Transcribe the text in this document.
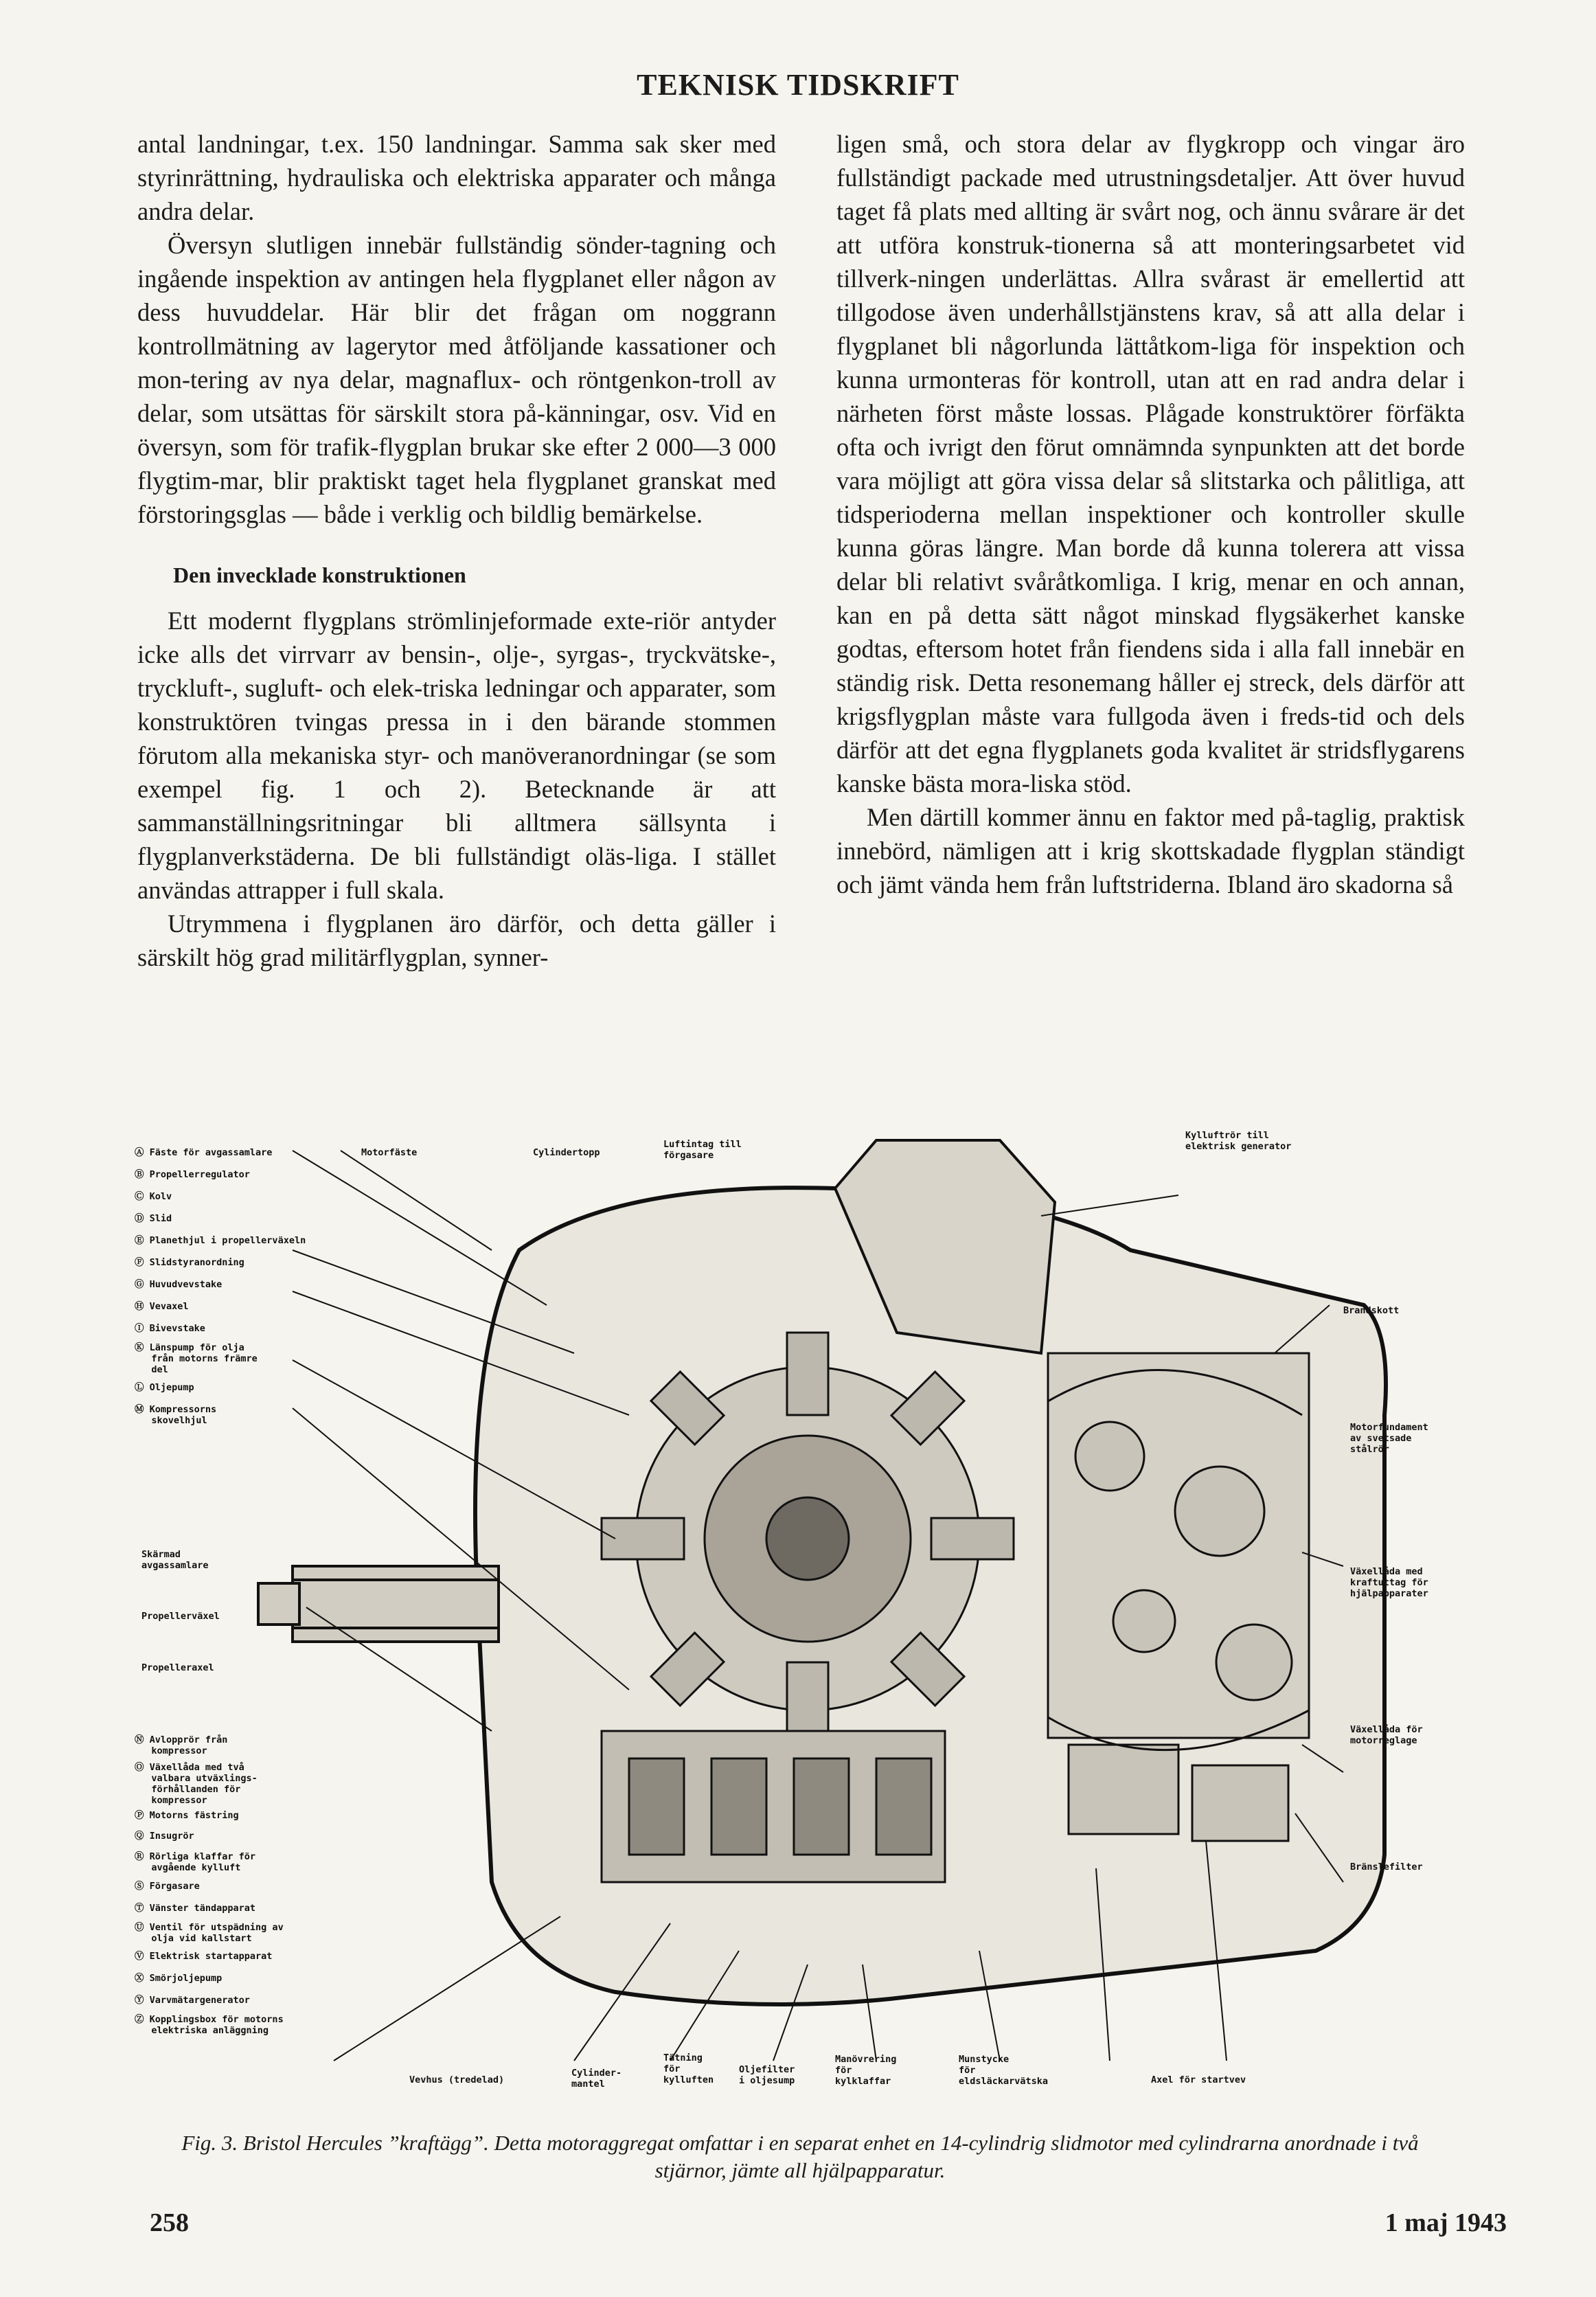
TEKNISK TIDSKRIFT

antal landningar, t.ex. 150 landningar. Samma sak sker med styrinrättning, hydrauliska och elektriska apparater och många andra delar.

Översyn slutligen innebär fullständig sönder-tagning och ingående inspektion av antingen hela flygplanet eller någon av dess huvuddelar. Här blir det frågan om noggrann kontrollmätning av lagerytor med åtföljande kassationer och mon-tering av nya delar, magnaflux- och röntgenkon-troll av delar, som utsättas för särskilt stora på-känningar, osv. Vid en översyn, som för trafik-flygplan brukar ske efter 2 000—3 000 flygtim-mar, blir praktiskt taget hela flygplanet granskat med förstoringsglas — både i verklig och bildlig bemärkelse.

Den invecklade konstruktionen

Ett modernt flygplans strömlinjeformade exte-riör antyder icke alls det virrvarr av bensin-, olje-, syrgas-, tryckvätske-, tryckluft-, sugluft- och elek-triska ledningar och apparater, som konstruktören tvingas pressa in i den bärande stommen förutom alla mekaniska styr- och manöveranordningar (se som exempel fig. 1 och 2). Betecknande är att sammanställningsritningar bli alltmera sällsynta i flygplanverkstäderna. De bli fullständigt oläs-liga. I stället användas attrapper i full skala.

Utrymmena i flygplanen äro därför, och detta gäller i särskilt hög grad militärflygplan, synner-

ligen små, och stora delar av flygkropp och vingar äro fullständigt packade med utrustningsdetaljer. Att över huvud taget få plats med allting är svårt nog, och ännu svårare är det att utföra konstruk-tionerna så att monteringsarbetet vid tillverk-ningen underlättas. Allra svårast är emellertid att tillgodose även underhållstjänstens krav, så att alla delar i flygplanet bli någorlunda lättåtkom-liga för inspektion och kunna urmonteras för kontroll, utan att en rad andra delar i närheten först måste lossas. Plågade konstruktörer förfäkta ofta och ivrigt den förut omnämnda synpunkten att det borde vara möjligt att göra vissa delar så slitstarka och pålitliga, att tidsperioderna mellan inspektioner och kontroller skulle kunna göras längre. Man borde då kunna tolerera att vissa delar bli relativt svåråtkomliga. I krig, menar en och annan, kan en på detta sätt något minskad flygsäkerhet kanske godtas, eftersom hotet från fiendens sida i alla fall innebär en ständig risk. Detta resonemang håller ej streck, dels därför att krigsflygplan måste vara fullgoda även i freds-tid och dels därför att det egna flygplanets goda kvalitet är stridsflygarens kanske bästa mora-liska stöd.

Men därtill kommer ännu en faktor med på-taglig, praktisk innebörd, nämligen att i krig skottskadade flygplan ständigt och jämt vända hem från luftstriderna. Ibland äro skadorna så

Ⓐ Fäste för avgassamlare
Ⓑ Propellerregulator
Ⓒ Kolv
Ⓓ Slid
Ⓔ Planethjul i propellerväxeln
Ⓕ Slidstyranordning
Ⓖ Huvudvevstake
Ⓗ Vevaxel
Ⓘ Bivevstake
Ⓚ Länspump för olja
från motorns främre
del
Ⓛ Oljepump
Ⓜ Kompressorns
skovelhjul
Skärmad
avgassamlare
Propellerväxel
Propelleraxel
Ⓝ Avlopprör från
kompressor
Ⓞ Växellåda med två
valbara utväxlings-
förhållanden för
kompressor
Ⓟ Motorns fästring
Ⓠ Insugrör
Ⓡ Rörliga klaffar för
avgående kylluft
Ⓢ Förgasare
Ⓣ Vänster tändapparat
Ⓤ Ventil för utspädning av
olja vid kallstart
Ⓥ Elektrisk startapparat
Ⓧ Smörjoljepump
Ⓨ Varvmätargenerator
Ⓩ Kopplingsbox för motorns
elektriska anläggning
Motorfäste	Cylindertopp
Luftintag till
förgasare
Kylluftrör till
elektrisk generator
Brandskott
Motorfundament
av svetsade
stålrör
Växellåda med
kraftuttag för
hjälpapparater
Växellåda för
motorreglage
Bränslefilter
Vevhus (tredelad)
Cylinder-
mantel
Tätning
för
kylluften
Oljefilter
i oljesump
Manövrering
för
kylklaffar
Munstycke
för
eldsläckarvätska	Axel för startvev
Fig. 3. Bristol Hercules ”kraftägg”. Detta motoraggregat omfattar i en separat enhet en 14-cylindrig slidmotor med cylindrarna anordnade i två stjärnor, jämte all hjälpapparatur.
258	1 maj 1943
